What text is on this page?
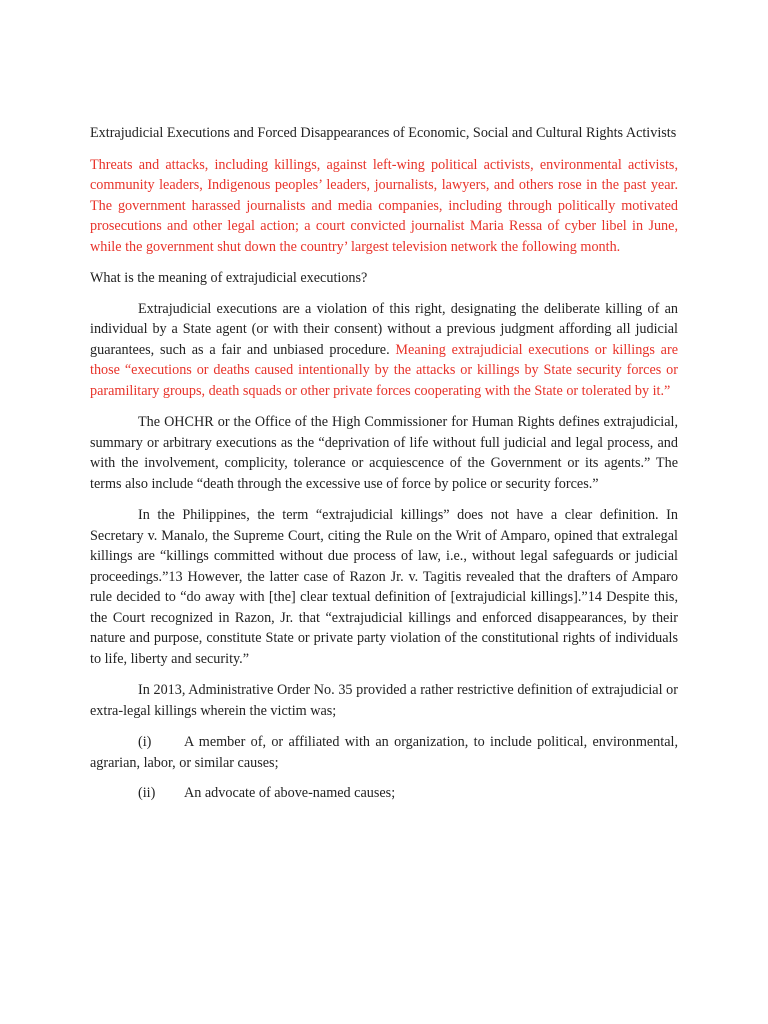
Extrajudicial Executions and Forced Disappearances of Economic, Social and Cultural Rights Activists

Threats and attacks, including killings, against left-wing political activists, environmental activists, community leaders, Indigenous peoples’ leaders, journalists, lawyers, and others rose in the past year. The government harassed journalists and media companies, including through politically motivated prosecutions and other legal action; a court convicted journalist Maria Ressa of cyber libel in June, while the government shut down the country’ largest television network the following month.

What is the meaning of extrajudicial executions?

Extrajudicial executions are a violation of this right, designating the deliberate killing of an individual by a State agent (or with their consent) without a previous judgment affording all judicial guarantees, such as a fair and unbiased procedure. Meaning extrajudicial executions or killings are those “executions or deaths caused intentionally by the attacks or killings by State security forces or paramilitary groups, death squads or other private forces cooperating with the State or tolerated by it.”

The OHCHR or the Office of the High Commissioner for Human Rights defines extrajudicial, summary or arbitrary executions as the “deprivation of life without full judicial and legal process, and with the involvement, complicity, tolerance or acquiescence of the Government or its agents.” The terms also include “death through the excessive use of force by police or security forces.”

In the Philippines, the term “extrajudicial killings” does not have a clear definition. In Secretary v. Manalo, the Supreme Court, citing the Rule on the Writ of Amparo, opined that extralegal killings are “killings committed without due process of law, i.e., without legal safeguards or judicial proceedings.”13 However, the latter case of Razon Jr. v. Tagitis revealed that the drafters of Amparo rule decided to “do away with [the] clear textual definition of [extrajudicial killings].”14 Despite this, the Court recognized in Razon, Jr. that “extrajudicial killings and enforced disappearances, by their nature and purpose, constitute State or private party violation of the constitutional rights of individuals to life, liberty and security.”

In 2013, Administrative Order No. 35 provided a rather restrictive definition of extrajudicial or extra-legal killings wherein the victim was;

(i) A member of, or affiliated with an organization, to include political, environmental, agrarian, labor, or similar causes;

(ii) An advocate of above-named causes;
